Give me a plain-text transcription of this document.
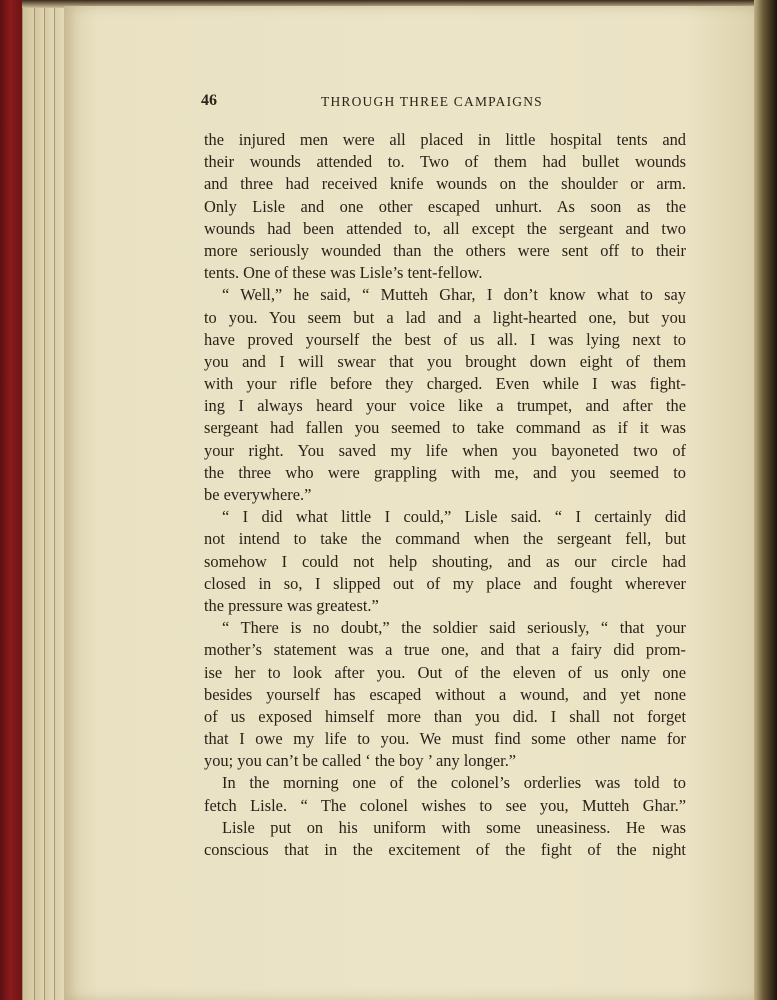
46	THROUGH THREE CAMPAIGNS
the injured men were all placed in little hospital tents and
their wounds attended to. Two of them had bullet wounds
and three had received knife wounds on the shoulder or arm.
Only Lisle and one other escaped unhurt. As soon as the
wounds had been attended to, all except the sergeant and two
more seriously wounded than the others were sent off to their
tents. One of these was Lisle’s tent-fellow.
“ Well,” he said, “ Mutteh Ghar, I don’t know what to say
to you. You seem but a lad and a light-hearted one, but you
have proved yourself the best of us all. I was lying next to
you and I will swear that you brought down eight of them
with your rifle before they charged. Even while I was fight-
ing I always heard your voice like a trumpet, and after the
sergeant had fallen you seemed to take command as if it was
your right. You saved my life when you bayoneted two of
the three who were grappling with me, and you seemed to
be everywhere.”
“ I did what little I could,” Lisle said. “ I certainly did
not intend to take the command when the sergeant fell, but
somehow I could not help shouting, and as our circle had
closed in so, I slipped out of my place and fought wherever
the pressure was greatest.”
“ There is no doubt,” the soldier said seriously, “ that your
mother’s statement was a true one, and that a fairy did prom-
ise her to look after you. Out of the eleven of us only one
besides yourself has escaped without a wound, and yet none
of us exposed himself more than you did. I shall not forget
that I owe my life to you. We must find some other name for
you; you can’t be called ‘ the boy ’ any longer.”
In the morning one of the colonel’s orderlies was told to
fetch Lisle. “ The colonel wishes to see you, Mutteh Ghar.”
Lisle put on his uniform with some uneasiness. He was
conscious that in the excitement of the fight of the night
